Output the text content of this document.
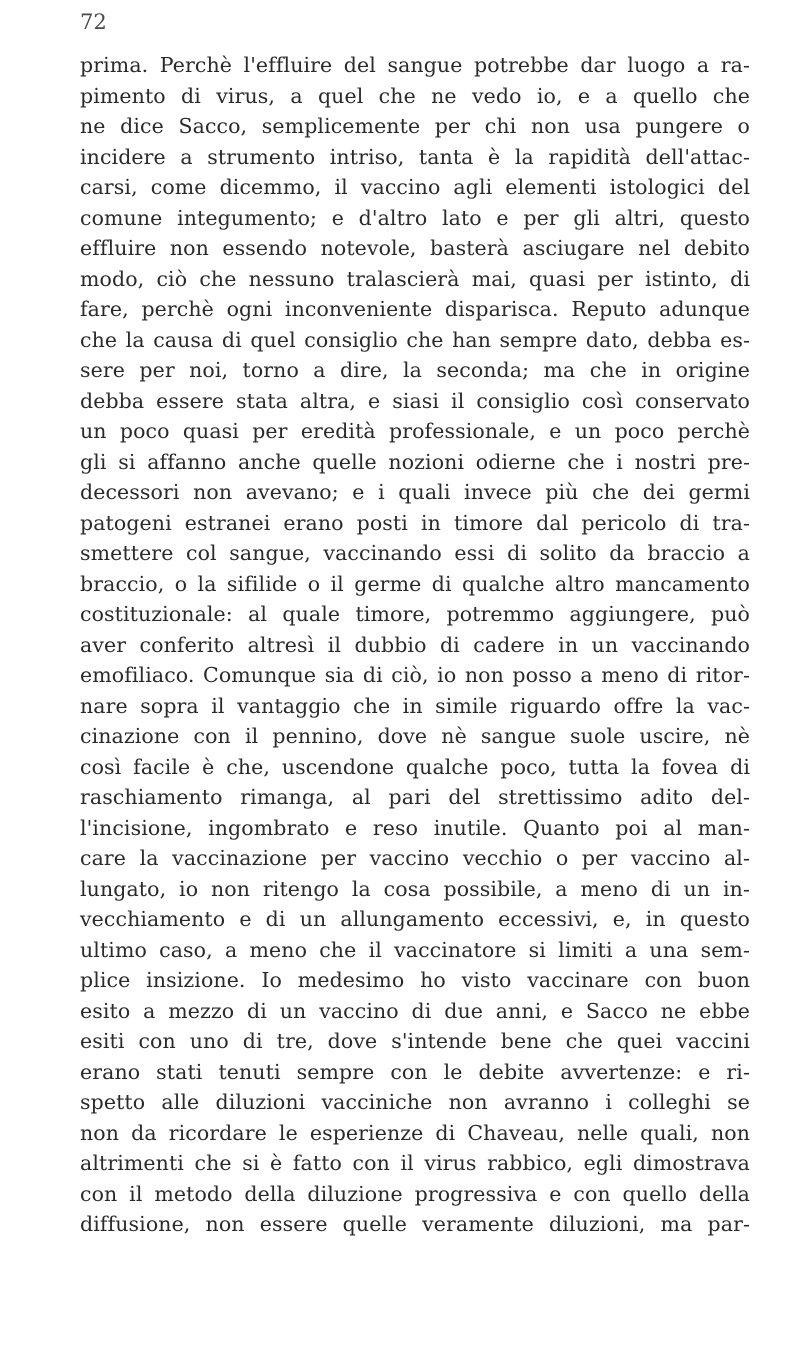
72
prima. Perchè l'effluire del sangue potrebbe dar luogo a ra-
pimento di virus, a quel che ne vedo io, e a quello che
ne dice Sacco, semplicemente per chi non usa pungere o
incidere a strumento intriso, tanta è la rapidità dell'attac-
carsi, come dicemmo, il vaccino agli elementi istologici del
comune integumento; e d'altro lato e per gli altri, questo
effluire non essendo notevole, basterà asciugare nel debito
modo, ciò che nessuno tralascierà mai, quasi per istinto, di
fare, perchè ogni inconveniente disparisca. Reputo adunque
che la causa di quel consiglio che han sempre dato, debba es-
sere per noi, torno a dire, la seconda; ma che in origine
debba essere stata altra, e siasi il consiglio così conservato
un poco quasi per eredità professionale, e un poco perchè
gli si affanno anche quelle nozioni odierne che i nostri pre-
decessori non avevano; e i quali invece più che dei germi
patogeni estranei erano posti in timore dal pericolo di tra-
smettere col sangue, vaccinando essi di solito da braccio a
braccio, o la sifilide o il germe di qualche altro mancamento
costituzionale: al quale timore, potremmo aggiungere, può
aver conferito altresì il dubbio di cadere in un vaccinando
emofiliaco. Comunque sia di ciò, io non posso a meno di ritor-
nare sopra il vantaggio che in simile riguardo offre la vac-
cinazione con il pennino, dove nè sangue suole uscire, nè
così facile è che, uscendone qualche poco, tutta la fovea di
raschiamento rimanga, al pari del strettissimo adito del-
l'incisione, ingombrato e reso inutile. Quanto poi al man-
care la vaccinazione per vaccino vecchio o per vaccino al-
lungato, io non ritengo la cosa possibile, a meno di un in-
vecchiamento e di un allungamento eccessivi, e, in questo
ultimo caso, a meno che il vaccinatore si limiti a una sem-
plice insizione. Io medesimo ho visto vaccinare con buon
esito a mezzo di un vaccino di due anni, e Sacco ne ebbe
esiti con uno di tre, dove s'intende bene che quei vaccini
erano stati tenuti sempre con le debite avvertenze: e ri-
spetto alle diluzioni vacciniche non avranno i colleghi se
non da ricordare le esperienze di Chaveau, nelle quali, non
altrimenti che si è fatto con il virus rabbico, egli dimostrava
con il metodo della diluzione progressiva e con quello della
diffusione, non essere quelle veramente diluzioni, ma par-
